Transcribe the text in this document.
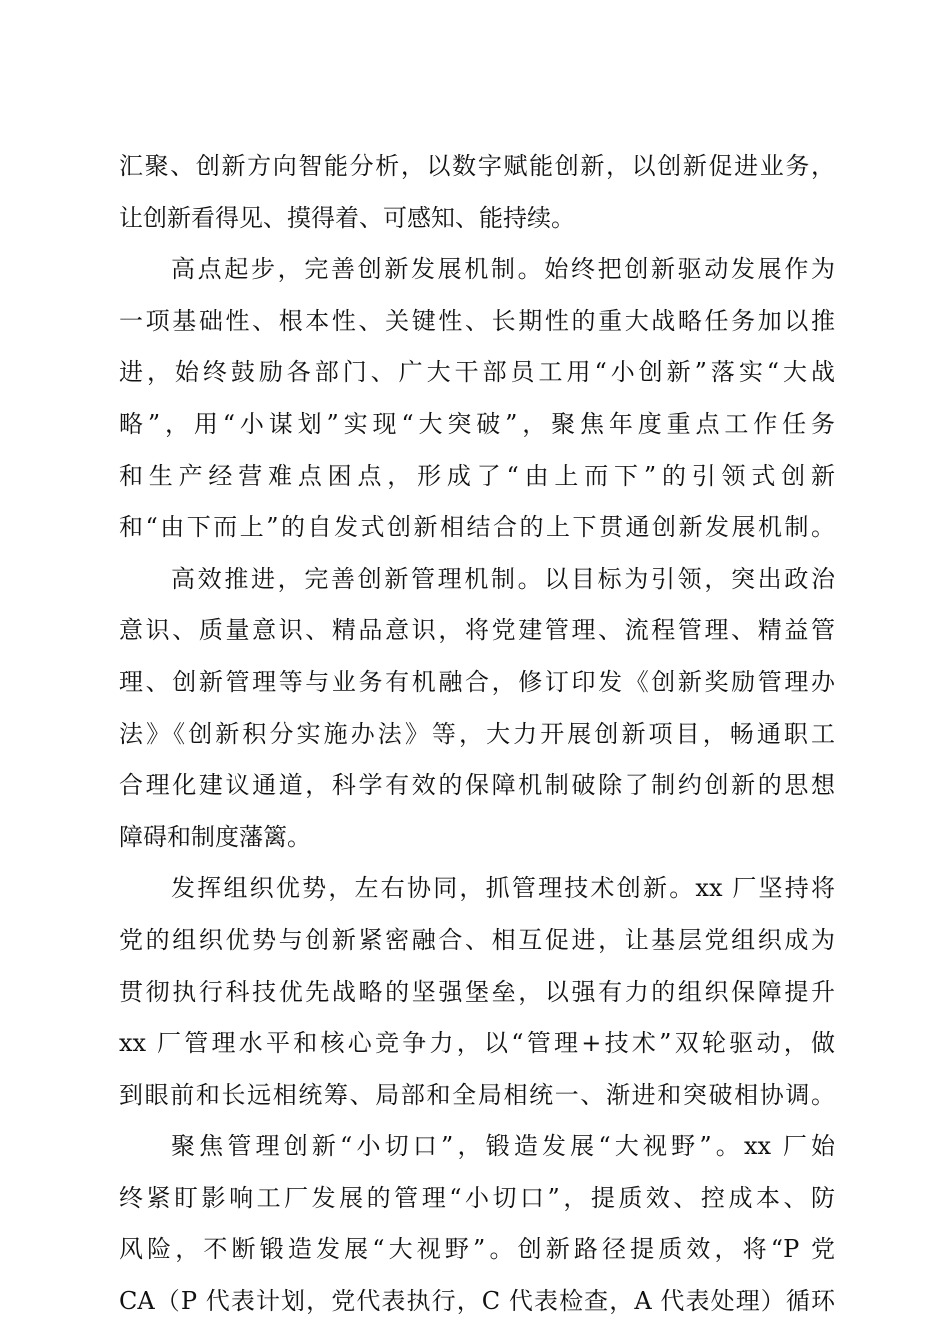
汇聚、创新方向智能分析，以数字赋能创新，以创新促进业务，
让创新看得见、摸得着、可感知、能持续。
高点起步，完善创新发展机制。始终把创新驱动发展作为
一项基础性、根本性、关键性、长期性的重大战略任务加以推
进，始终鼓励各部门、广大干部员工用“小创新”落实“大战
略”，用“小谋划”实现“大突破”，聚焦年度重点工作任务
和生产经营难点困点，形成了“由上而下”的引领式创新
和“由下而上”的自发式创新相结合的上下贯通创新发展机制。
高效推进，完善创新管理机制。以目标为引领，突出政治
意识、质量意识、精品意识，将党建管理、流程管理、精益管
理、创新管理等与业务有机融合，修订印发《创新奖励管理办
法》《创新积分实施办法》等，大力开展创新项目，畅通职工
合理化建议通道，科学有效的保障机制破除了制约创新的思想
障碍和制度藩篱。
发挥组织优势，左右协同，抓管理技术创新。xx 厂坚持将
党的组织优势与创新紧密融合、相互促进，让基层党组织成为
贯彻执行科技优先战略的坚强堡垒，以强有力的组织保障提升
xx 厂管理水平和核心竞争力，以“管理+技术”双轮驱动，做
到眼前和长远相统筹、局部和全局相统一、渐进和突破相协调。
聚焦管理创新“小切口”，锻造发展“大视野”。xx 厂始
终紧盯影响工厂发展的管理“小切口”，提质效、控成本、防
风险，不断锻造发展“大视野”。创新路径提质效，将“P 党
CA（P 代表计划，党代表执行，C 代表检查，A 代表处理）循环
